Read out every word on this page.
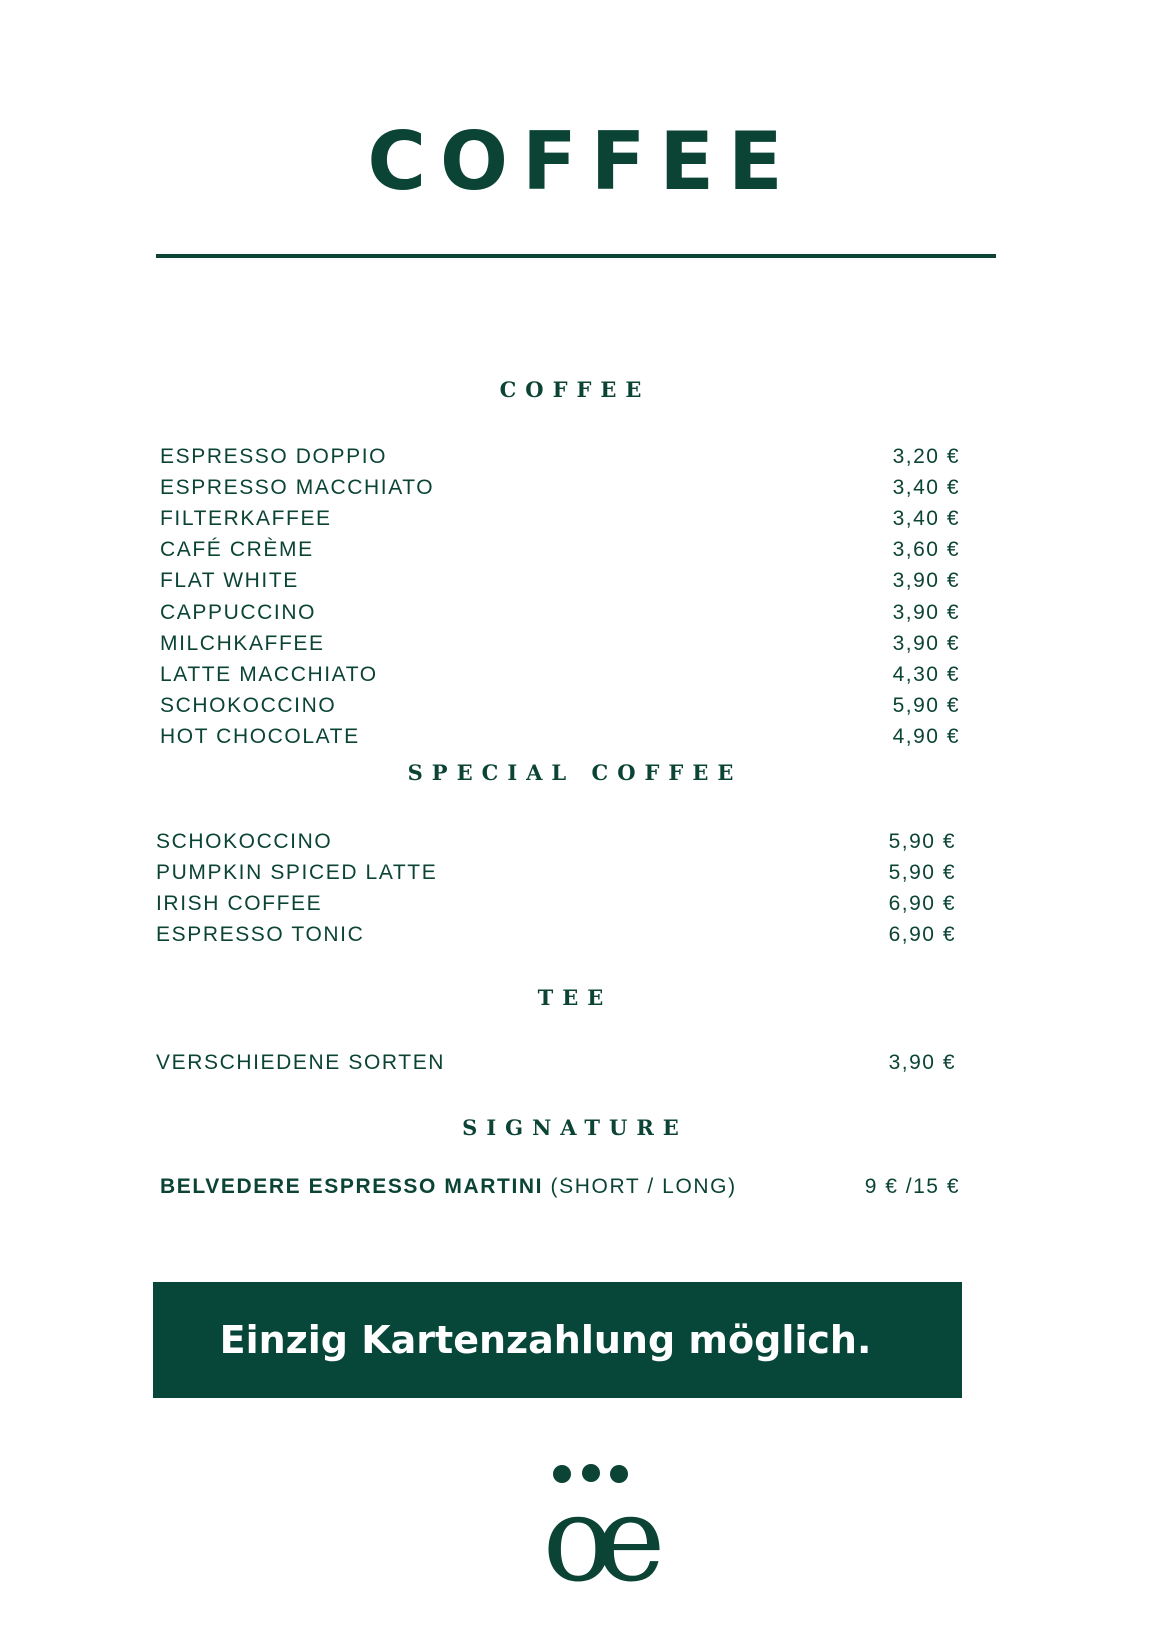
COFFEE
COFFEE
ESPRESSO DOPPIO	3,20 €
ESPRESSO MACCHIATO	3,40 €
FILTERKAFFEE	3,40 €
CAFÉ CRÈME	3,60 €
FLAT WHITE	3,90 €
CAPPUCCINO	3,90 €
MILCHKAFFEE	3,90 €
LATTE MACCHIATO	4,30 €
SCHOKOCCINO	5,90 €
HOT CHOCOLATE	4,90 €
SPECIAL COFFEE
SCHOKOCCINO	5,90 €
PUMPKIN SPICED LATTE	5,90 €
IRISH COFFEE	6,90 €
ESPRESSO TONIC	6,90 €
TEE
VERSCHIEDENE SORTEN	3,90 €
SIGNATURE
BELVEDERE ESPRESSO MARTINI (SHORT / LONG)	9 € /15 €
Einzig Kartenzahlung möglich.
oe
